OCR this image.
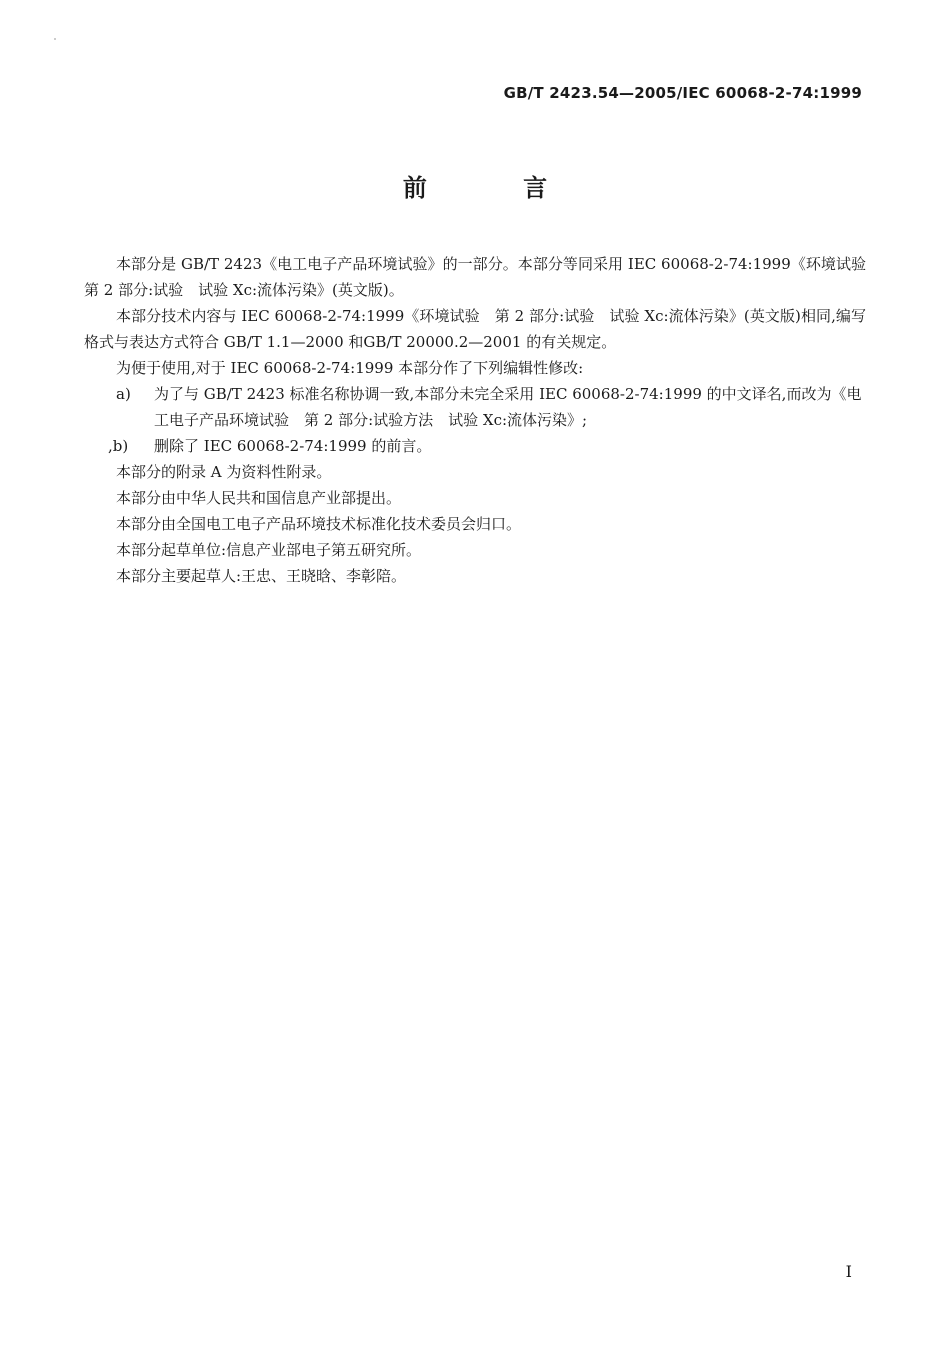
GB/T 2423.54—2005/IEC 60068-2-74:1999
前 言

本部分是 GB/T 2423《电工电子产品环境试验》的一部分。本部分等同采用 IEC 60068-2-74:1999《环境试验　第 2 部分:试验　试验 Xc:流体污染》(英文版)。

本部分技术内容与 IEC 60068-2-74:1999《环境试验　第 2 部分:试验　试验 Xc:流体污染》(英文版)相同,编写格式与表达方式符合 GB/T 1.1—2000 和GB/T 20000.2—2001 的有关规定。

为便于使用,对于 IEC 60068-2-74:1999 本部分作了下列编辑性修改:

a) 为了与 GB/T 2423 标准名称协调一致,本部分未完全采用 IEC 60068-2-74:1999 的中文译名,而改为《电工电子产品环境试验　第 2 部分:试验方法　试验 Xc:流体污染》;
,b) 删除了 IEC 60068-2-74:1999 的前言。

本部分的附录 A 为资料性附录。

本部分由中华人民共和国信息产业部提出。

本部分由全国电工电子产品环境技术标准化技术委员会归口。

本部分起草单位:信息产业部电子第五研究所。

本部分主要起草人:王忠、王晓晗、李彰陪。

I
